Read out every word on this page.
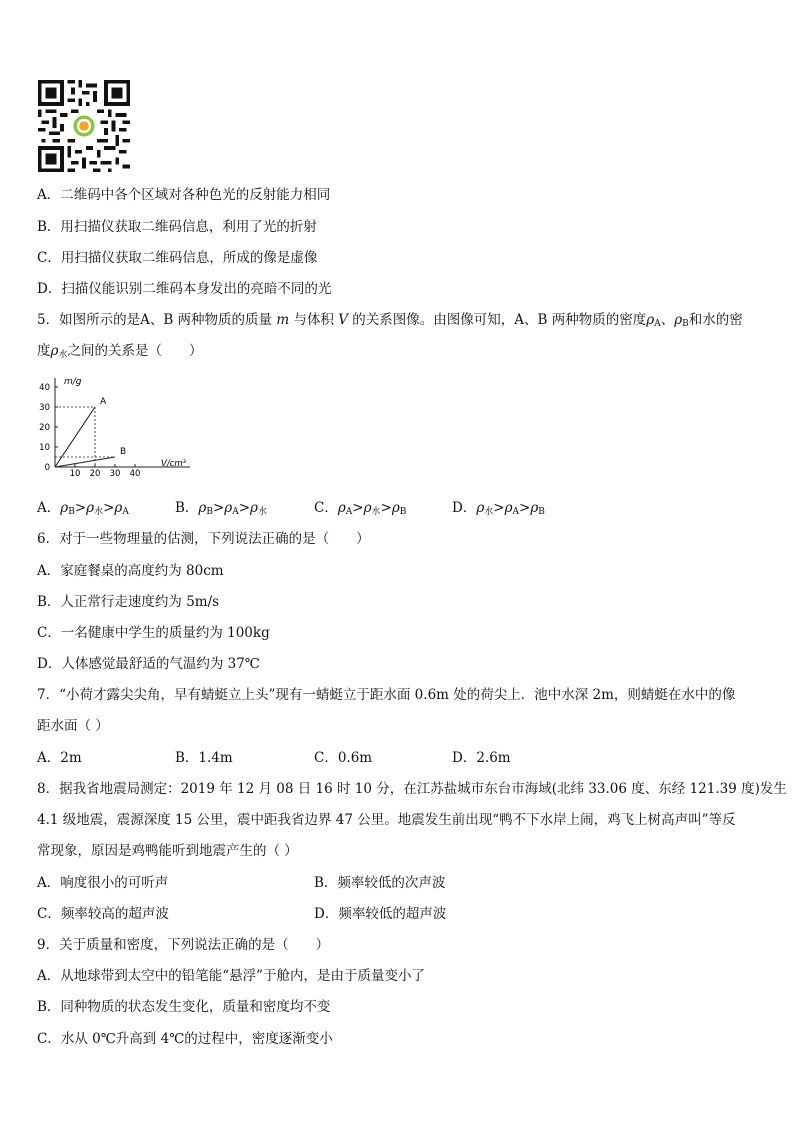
A．二维码中各个区域对各种色光的反射能力相同
B．用扫描仪获取二维码信息，利用了光的折射
C．用扫描仪获取二维码信息，所成的像是虚像
D．扫描仪能识别二维码本身发出的亮暗不同的光
5．如图所示的是A、B 两种物质的质量 m 与体积 V 的关系图像。由图像可知，A、B 两种物质的密度$\rho_A$、$\rho_B$和水的密
度$\rho_水$之间的关系是（　　）
0
10
20
30
40
10 20 30 40
A
B
m/g
V/cm³
A．$\rho_B>\rho_水>\rho_A$	B．$\rho_B>\rho_A>\rho_水$	C．$\rho_A>\rho_水>\rho_B$	D．$\rho_水>\rho_A>\rho_B$
6．对于一些物理量的估测，下列说法正确的是（　　）
A．家庭餐桌的高度约为 80cm
B．人正常行走速度约为 5m/s
C．一名健康中学生的质量约为 100kg
D．人体感觉最舒适的气温约为 37℃
7．“小荷才露尖尖角，早有蜻蜓立上头”现有一蜻蜓立于距水面 0.6m 处的荷尖上．池中水深 2m，则蜻蜓在水中的像
距水面（ ）
A．2m	B．1.4m	C．0.6m	D．2.6m
8．据我省地震局测定：2019 年 12 月 08 日 16 时 10 分，在江苏盐城市东台市海域(北纬 33.06 度、东经 121.39 度)发生
4.1 级地震，震源深度 15 公里，震中距我省边界 47 公里。地震发生前出现“鸭不下水岸上闹，鸡飞上树高声叫”等反
常现象，原因是鸡鸭能听到地震产生的（ ）
A．响度很小的可听声	B．频率较低的次声波
C．频率较高的超声波	D．频率较低的超声波
9．关于质量和密度，下列说法正确的是（　　）
A．从地球带到太空中的铅笔能“悬浮”于舱内，是由于质量变小了
B．同种物质的状态发生变化，质量和密度均不变
C．水从 0℃升高到 4℃的过程中，密度逐渐变小
